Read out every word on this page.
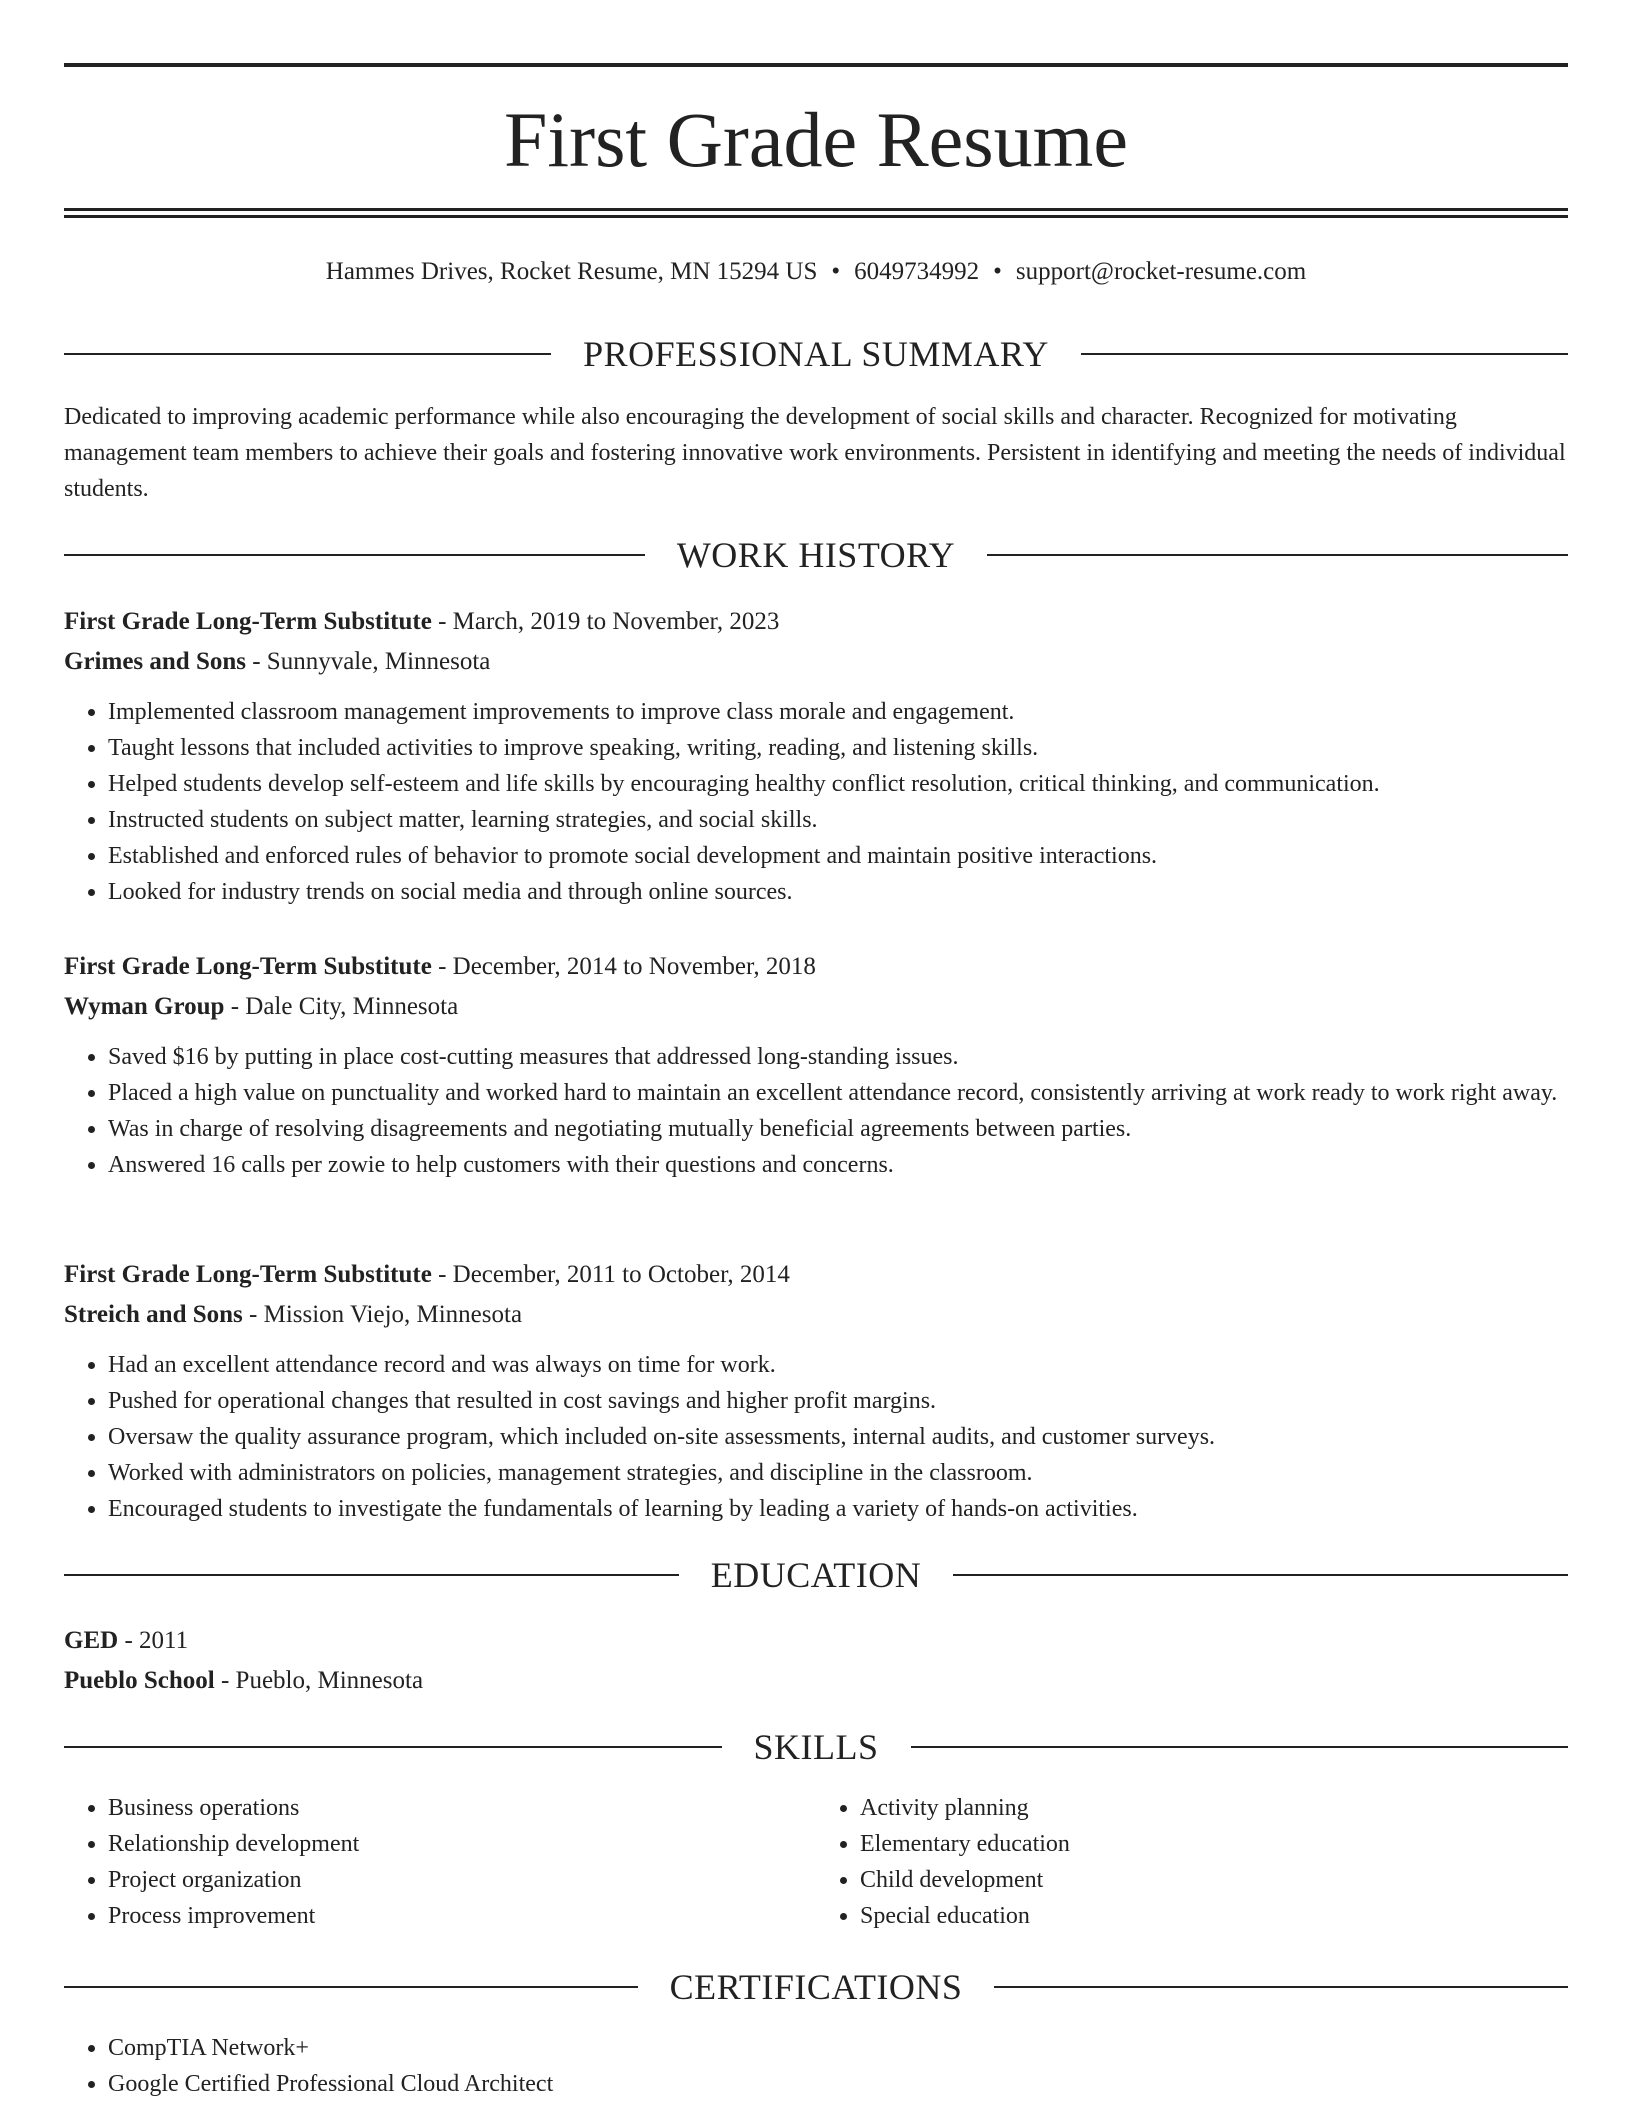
First Grade Resume
Hammes Drives, Rocket Resume, MN 15294 US • 6049734992 • support@rocket-resume.com
PROFESSIONAL SUMMARY

Dedicated to improving academic performance while also encouraging the development of social skills and character. Recognized for motivating management team members to achieve their goals and fostering innovative work environments. Persistent in identifying and meeting the needs of individual students.

WORK HISTORY
First Grade Long-Term Substitute - March, 2019 to November, 2023
Grimes and Sons - Sunnyvale, Minnesota
• Implemented classroom management improvements to improve class morale and engagement.
• Taught lessons that included activities to improve speaking, writing, reading, and listening skills.
• Helped students develop self-esteem and life skills by encouraging healthy conflict resolution, critical thinking, and communication.
• Instructed students on subject matter, learning strategies, and social skills.
• Established and enforced rules of behavior to promote social development and maintain positive interactions.
• Looked for industry trends on social media and through online sources.
First Grade Long-Term Substitute - December, 2014 to November, 2018
Wyman Group - Dale City, Minnesota
• Saved $16 by putting in place cost-cutting measures that addressed long-standing issues.
• Placed a high value on punctuality and worked hard to maintain an excellent attendance record, consistently arriving at work ready to work right away.
• Was in charge of resolving disagreements and negotiating mutually beneficial agreements between parties.
• Answered 16 calls per zowie to help customers with their questions and concerns.
First Grade Long-Term Substitute - December, 2011 to October, 2014
Streich and Sons - Mission Viejo, Minnesota
• Had an excellent attendance record and was always on time for work.
• Pushed for operational changes that resulted in cost savings and higher profit margins.
• Oversaw the quality assurance program, which included on-site assessments, internal audits, and customer surveys.
• Worked with administrators on policies, management strategies, and discipline in the classroom.
• Encouraged students to investigate the fundamentals of learning by leading a variety of hands-on activities.
EDUCATION
GED - 2011
Pueblo School - Pueblo, Minnesota
SKILLS
• Business operations
• Relationship development
• Project organization
• Process improvement
• Activity planning
• Elementary education
• Child development
• Special education
CERTIFICATIONS
• CompTIA Network+
• Google Certified Professional Cloud Architect
